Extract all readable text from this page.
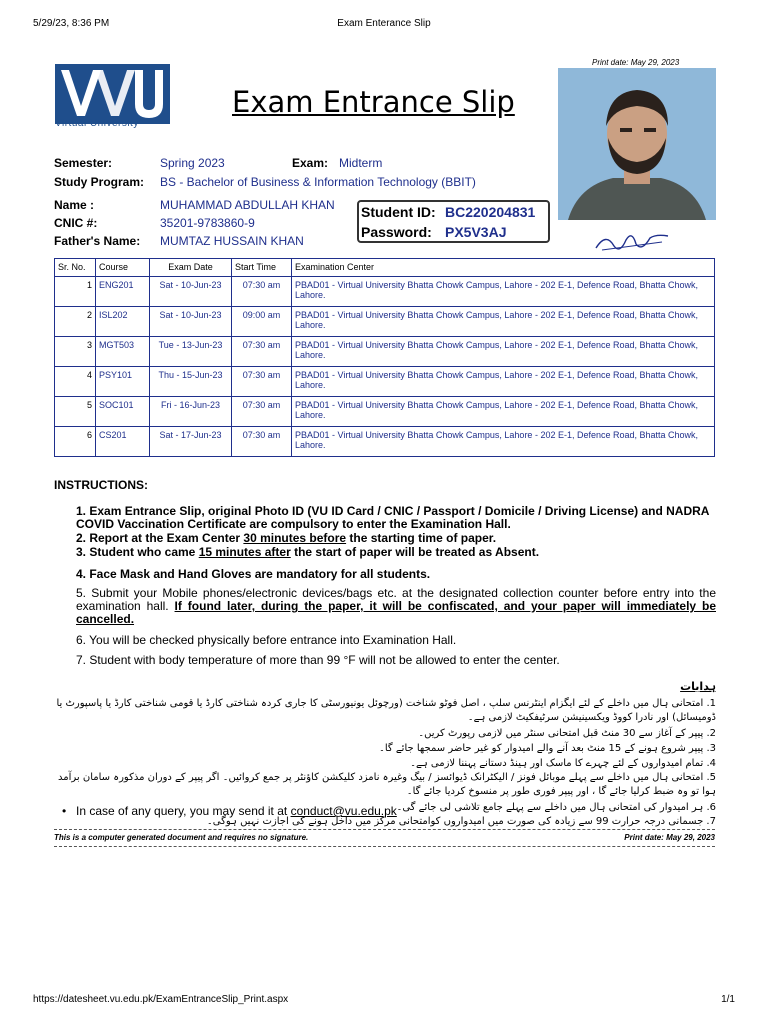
5/29/23, 8:36 PM	Exam Enterance Slip
Virtual University
Exam Entrance Slip
Print date: May 29, 2023
Semester:	Spring 2023	Exam: Midterm
Study Program: BS - Bachelor of Business & Information Technology (BBIT)
Name :	MUHAMMAD ABDULLAH KHAN
CNIC #:	35201-9783860-9
Father's Name: MUMTAZ HUSSAIN KHAN
Student ID: BC220204831
Password: PX5V3AJ
Sr. No.	Course	Exam Date	Start Time	Examination Center
1	ENG201	Sat - 10-Jun-23	07:30 am	PBAD01 - Virtual University Bhatta Chowk Campus, Lahore - 202 E-1, Defence Road, Bhatta Chowk, Lahore.
2	ISL202	Sat - 10-Jun-23	09:00 am	PBAD01 - Virtual University Bhatta Chowk Campus, Lahore - 202 E-1, Defence Road, Bhatta Chowk, Lahore.
3	MGT503	Tue - 13-Jun-23	07:30 am	PBAD01 - Virtual University Bhatta Chowk Campus, Lahore - 202 E-1, Defence Road, Bhatta Chowk, Lahore.
4	PSY101	Thu - 15-Jun-23	07:30 am	PBAD01 - Virtual University Bhatta Chowk Campus, Lahore - 202 E-1, Defence Road, Bhatta Chowk, Lahore.
5	SOC101	Fri - 16-Jun-23	07:30 am	PBAD01 - Virtual University Bhatta Chowk Campus, Lahore - 202 E-1, Defence Road, Bhatta Chowk, Lahore.
6	CS201	Sat - 17-Jun-23	07:30 am	PBAD01 - Virtual University Bhatta Chowk Campus, Lahore - 202 E-1, Defence Road, Bhatta Chowk, Lahore.
INSTRUCTIONS:
1. Exam Entrance Slip, original Photo ID (VU ID Card / CNIC / Passport / Domicile / Driving License) and NADRA COVID Vaccination Certificate are compulsory to enter the Examination Hall.
2. Report at the Exam Center 30 minutes before the starting time of paper.
3. Student who came 15 minutes after the start of paper will be treated as Absent.
4. Face Mask and Hand Gloves are mandatory for all students.
5. Submit your Mobile phones/electronic devices/bags etc. at the designated collection counter before entry into the examination hall. If found later, during the paper, it will be confiscated, and your paper will immediately be cancelled.
6. You will be checked physically before entrance into Examination Hall.
7. Student with body temperature of more than 99 °F will not be allowed to enter the center.
ہدایات
1. امتحانی ہال میں داخلے کے لئے ایگزام اینٹرنس سلپ ، اصل فوٹو شناخت (ورچوئل یونیورسٹی کا جاری کردہ شناختی کارڈ یا قومی شناختی کارڈ یا پاسپورٹ یا ڈومیسائل) اور نادرا کووڈ ویکسینیشن سرٹیفکیٹ لازمی ہے۔
2. پیپر کے آغاز سے 30 منٹ قبل امتحانی سنٹر میں لازمی رپورٹ کریں۔
3. پیپر شروع ہونے کے 15 منٹ بعد آنے والے امیدوار کو غیر حاضر سمجھا جائے گا۔
4. تمام امیدواروں کے لئے چہرے کا ماسک اور ہینڈ دستانے پہننا لازمی ہے۔
5. امتحانی ہال میں داخلے سے پہلے موبائل فونز / الیکٹرانک ڈیوائسز / بیگ وغیرہ نامزد کلیکشن کاؤنٹر پر جمع کروائیں۔ اگر پیپر کے دوران مذکورہ سامان برآمد ہوا تو وہ ضبط کرلیا جائے گا ، اور پیپر فوری طور پر منسوخ کردیا جائے گا۔
6. ہر امیدوار کی امتحانی ہال میں داخلے سے پہلے جامع تلاشی لی جائے گی۔
7. جسمانی درجہ حرارت 99 سے زیادہ کی صورت میں امیدواروں کوامتحانی مرکز میں داخل ہونے کی اجازت نہیں ہوگی۔
• In case of any query, you may send it at conduct@vu.edu.pk
This is a computer generated document and requires no signature.	Print date: May 29, 2023
https://datesheet.vu.edu.pk/ExamEntranceSlip_Print.aspx	1/1
